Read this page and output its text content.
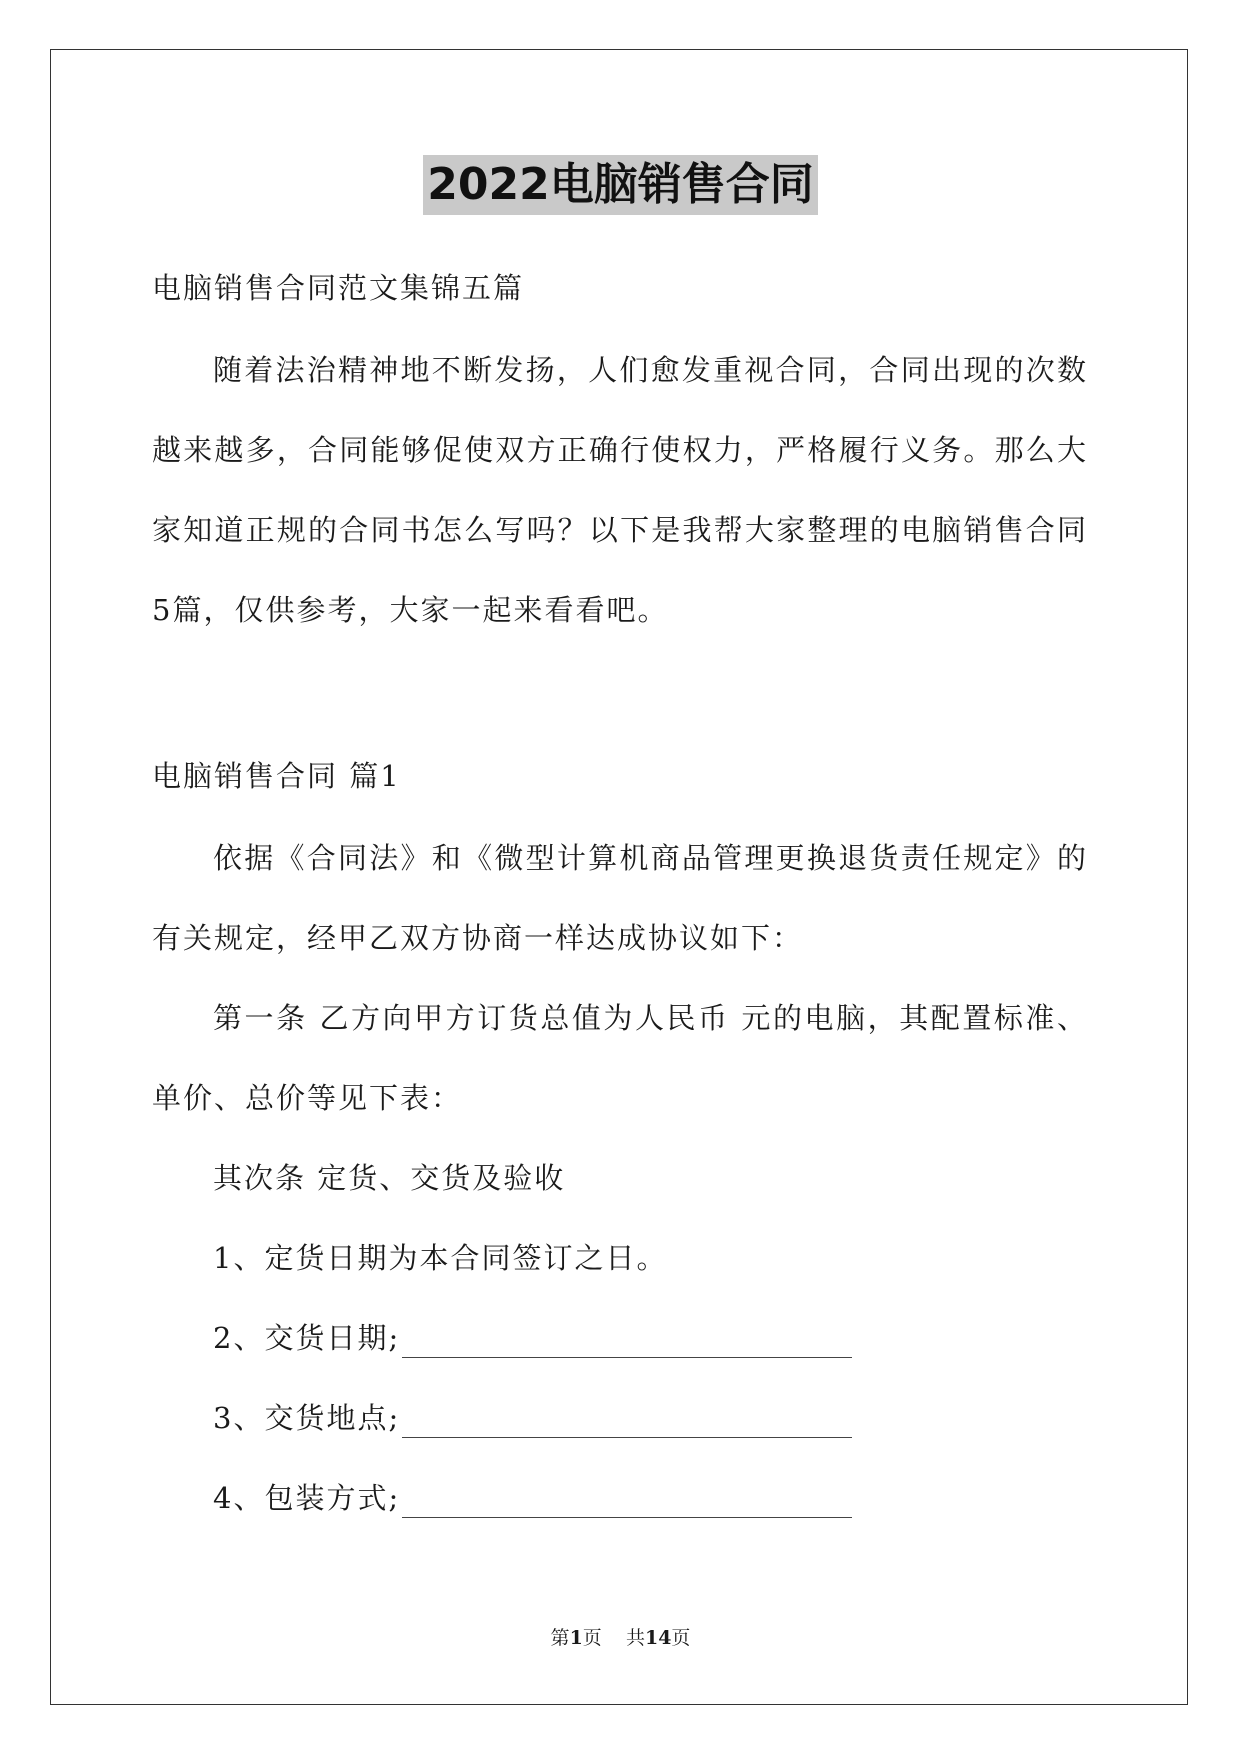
2022电脑销售合同

电脑销售合同范文集锦五篇

随着法治精神地不断发扬，人们愈发重视合同，合同出现的次数

越来越多，合同能够促使双方正确行使权力，严格履行义务。那么大

家知道正规的合同书怎么写吗？以下是我帮大家整理的电脑销售合同

5篇，仅供参考，大家一起来看看吧。

电脑销售合同 篇1

依据《合同法》和《微型计算机商品管理更换退货责任规定》的

有关规定，经甲乙双方协商一样达成协议如下：

第一条 乙方向甲方订货总值为人民币 元的电脑，其配置标准、

单价、总价等见下表：

其次条 定货、交货及验收

1、定货日期为本合同签订之日。

2、交货日期;

3、交货地点;

4、包装方式;

第1页    共14页
